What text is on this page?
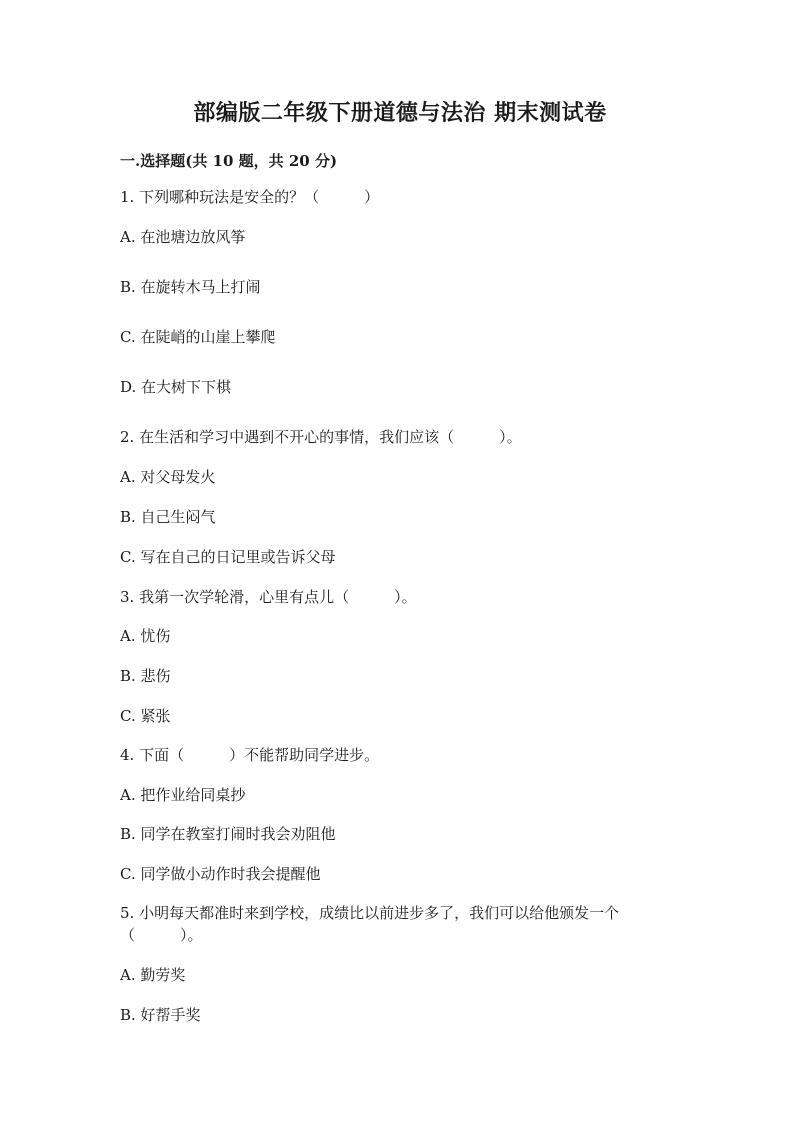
部编版二年级下册道德与法治 期末测试卷
一.选择题(共 10 题，共 20 分)
1. 下列哪种玩法是安全的？（　　　）
A. 在池塘边放风筝
B. 在旋转木马上打闹
C. 在陡峭的山崖上攀爬
D. 在大树下下棋
2. 在生活和学习中遇到不开心的事情，我们应该（　　　）。
A. 对父母发火
B. 自己生闷气
C. 写在自己的日记里或告诉父母
3. 我第一次学轮滑，心里有点儿（　　　）。
A. 忧伤
B. 悲伤
C. 紧张
4. 下面（　　　）不能帮助同学进步。
A. 把作业给同桌抄
B. 同学在教室打闹时我会劝阻他
C. 同学做小动作时我会提醒他
5. 小明每天都准时来到学校，成绩比以前进步多了，我们可以给他颁发一个（　　　）。
A. 勤劳奖
B. 好帮手奖
